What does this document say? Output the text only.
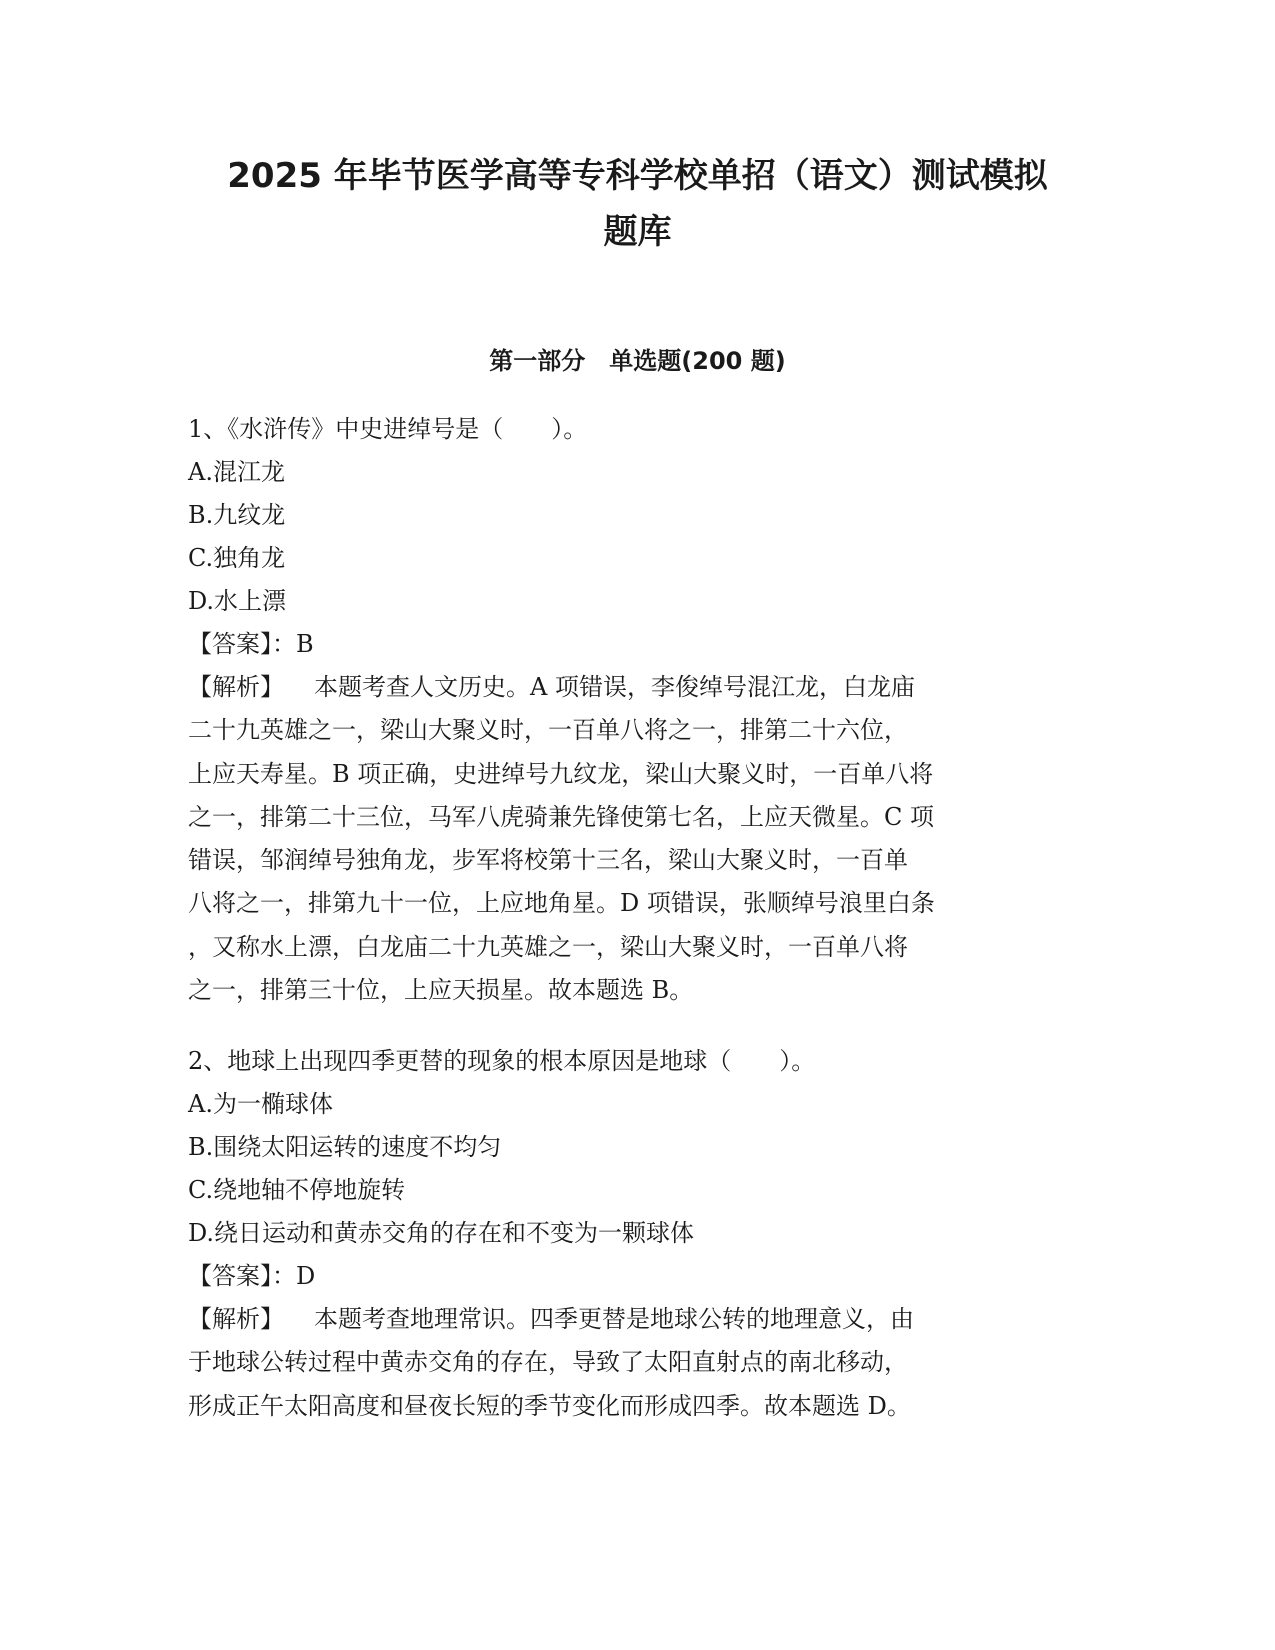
2025 年毕节医学高等专科学校单招（语文）测试模拟
题库
第一部分　单选题(200 题)
1、《水浒传》中史进绰号是（　　）。
A.混江龙
B.九纹龙
C.独角龙
D.水上漂
【答案】：B
【解析】 本题考查人文历史。A 项错误，李俊绰号混江龙，白龙庙
二十九英雄之一，梁山大聚义时，一百单八将之一，排第二十六位，
上应天寿星。B 项正确，史进绰号九纹龙，梁山大聚义时，一百单八将
之一，排第二十三位，马军八虎骑兼先锋使第七名，上应天微星。C 项
错误，邹润绰号独角龙，步军将校第十三名，梁山大聚义时，一百单
八将之一，排第九十一位，上应地角星。D 项错误，张顺绰号浪里白条
，又称水上漂，白龙庙二十九英雄之一，梁山大聚义时，一百单八将
之一，排第三十位，上应天损星。故本题选 B。
2、地球上出现四季更替的现象的根本原因是地球（　　）。
A.为一椭球体
B.围绕太阳运转的速度不均匀
C.绕地轴不停地旋转
D.绕日运动和黄赤交角的存在和不变为一颗球体
【答案】：D
【解析】 本题考查地理常识。四季更替是地球公转的地理意义，由
于地球公转过程中黄赤交角的存在，导致了太阳直射点的南北移动，
形成正午太阳高度和昼夜长短的季节变化而形成四季。故本题选 D。
